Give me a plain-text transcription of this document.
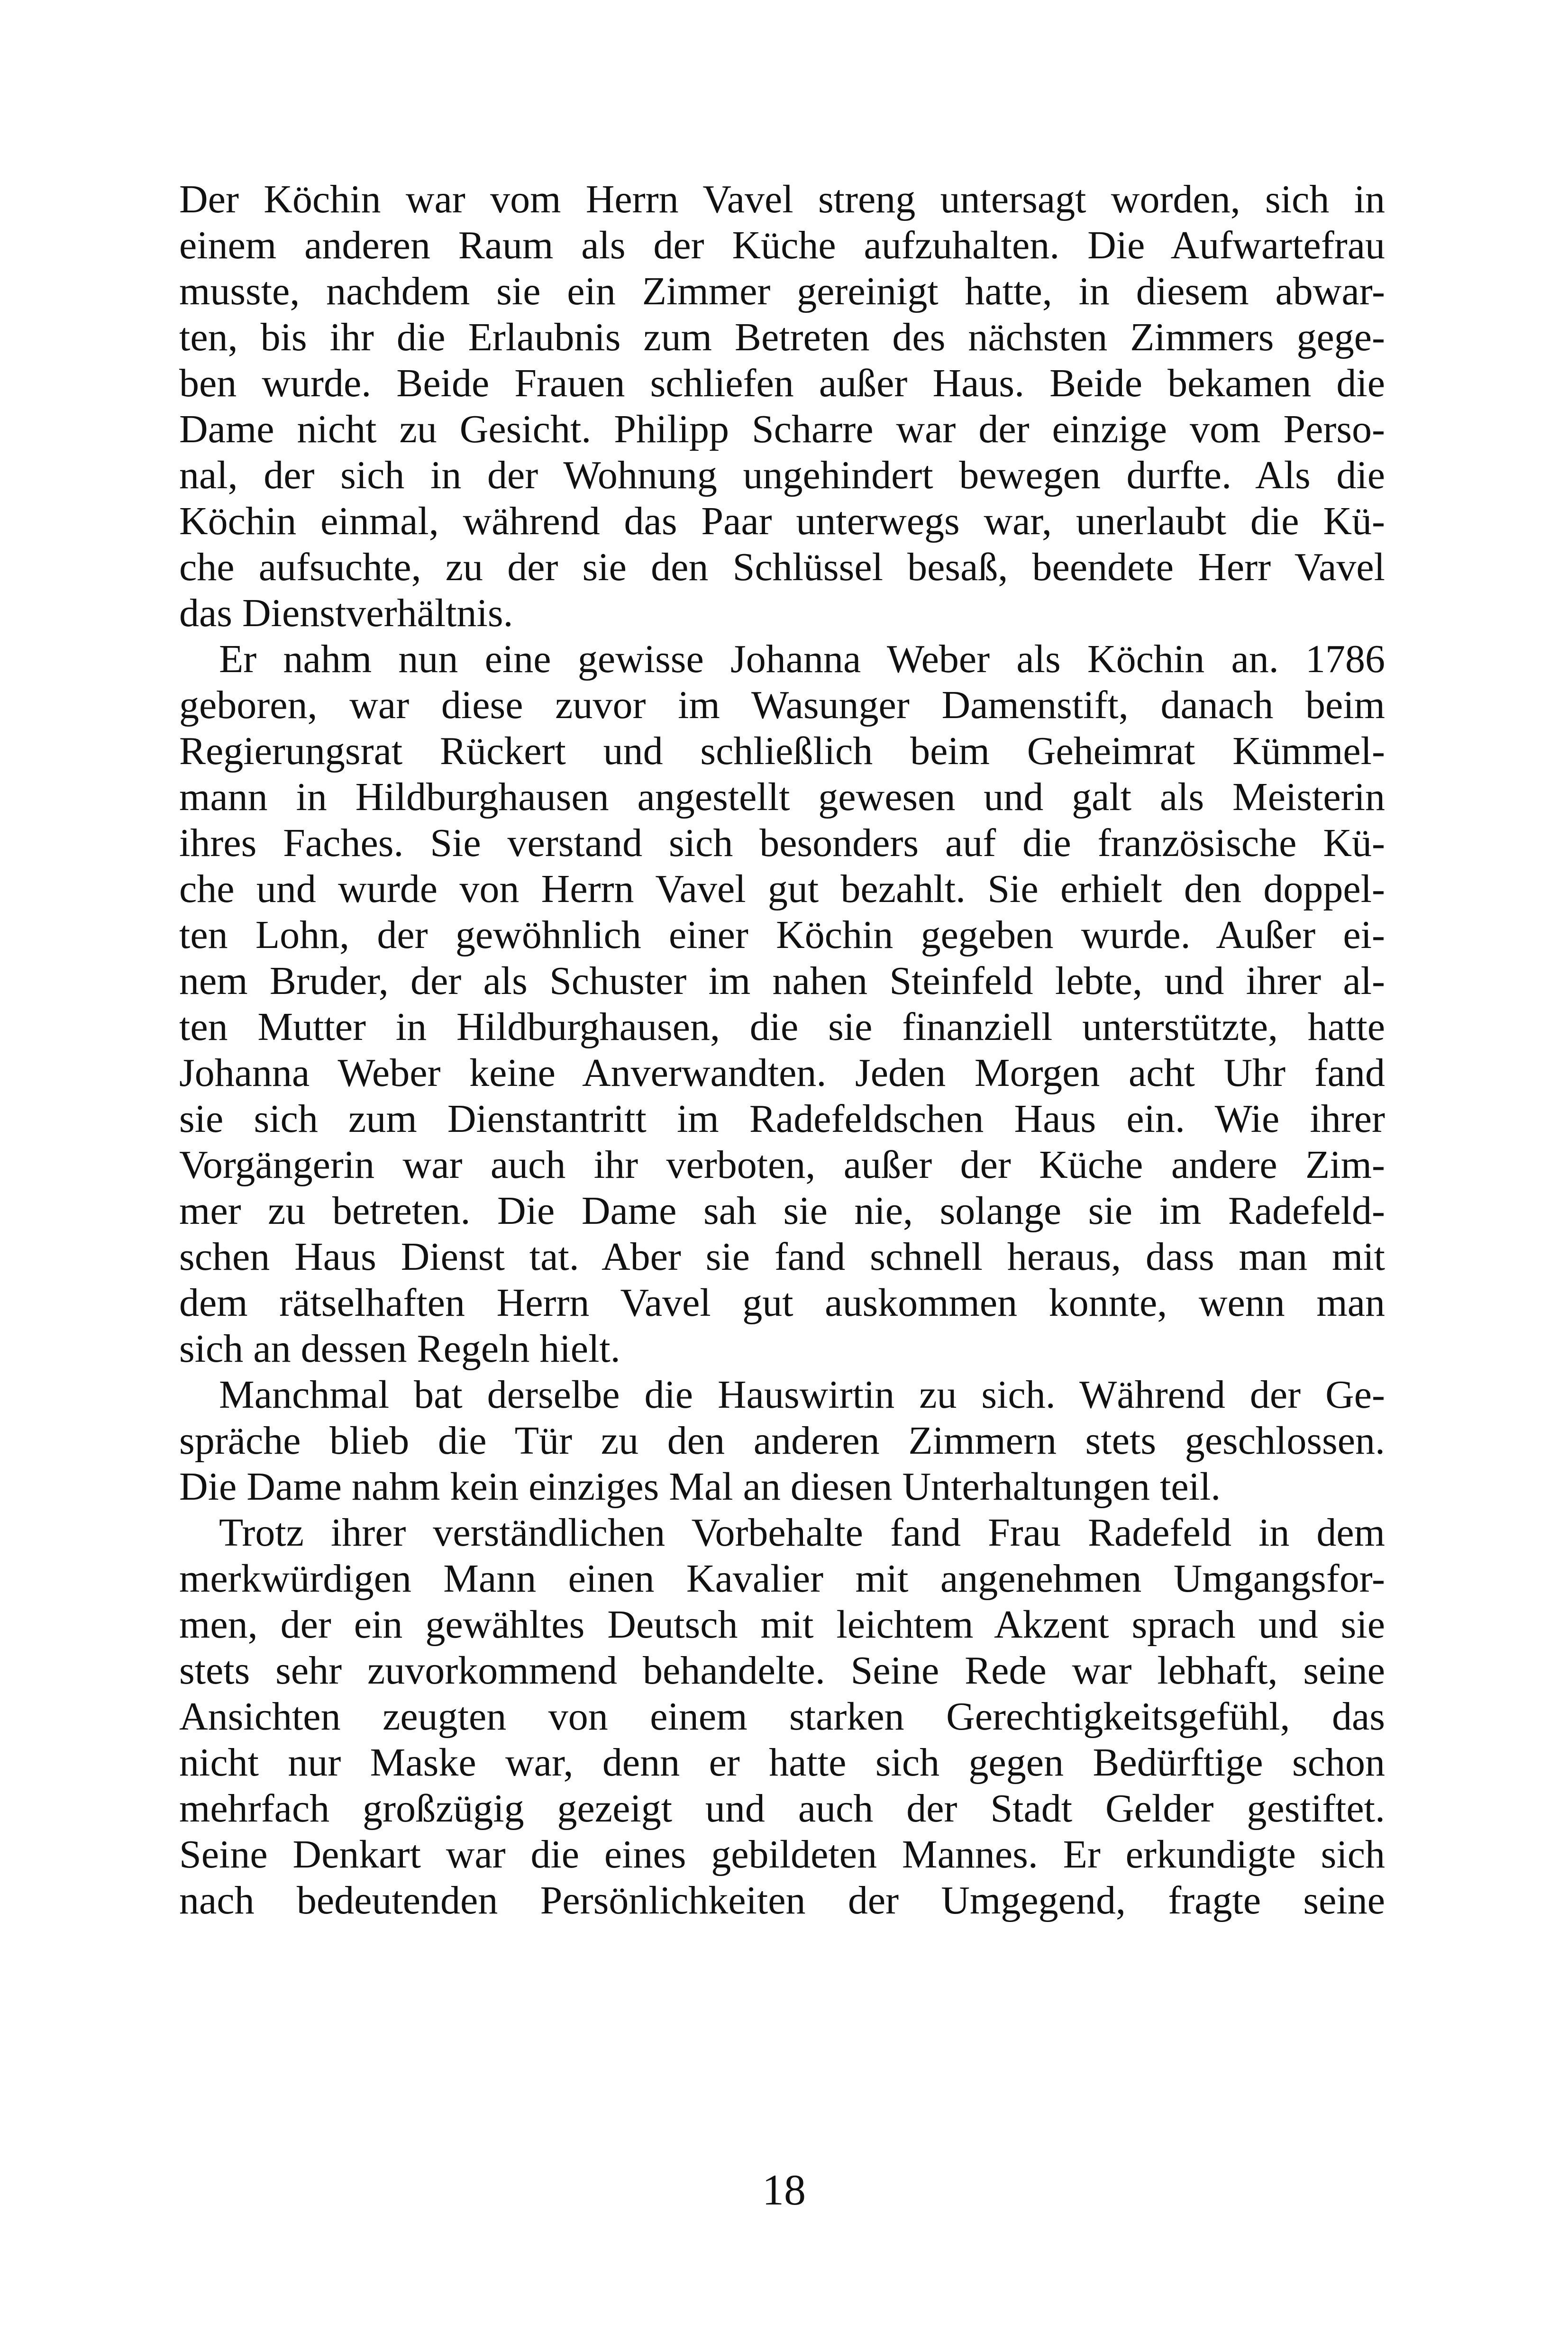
Der Köchin war vom Herrn Vavel streng untersagt worden, sich in
einem anderen Raum als der Küche aufzuhalten. Die Aufwartefrau
musste, nachdem sie ein Zimmer gereinigt hatte, in diesem abwar-
ten, bis ihr die Erlaubnis zum Betreten des nächsten Zimmers gege-
ben wurde. Beide Frauen schliefen außer Haus. Beide bekamen die
Dame nicht zu Gesicht. Philipp Scharre war der einzige vom Perso-
nal, der sich in der Wohnung ungehindert bewegen durfte. Als die
Köchin einmal, während das Paar unterwegs war, unerlaubt die Kü-
che aufsuchte, zu der sie den Schlüssel besaß, beendete Herr Vavel
das Dienstverhältnis.
Er nahm nun eine gewisse Johanna Weber als Köchin an. 1786
geboren, war diese zuvor im Wasunger Damenstift, danach beim
Regierungsrat Rückert und schließlich beim Geheimrat Kümmel-
mann in Hildburghausen angestellt gewesen und galt als Meisterin
ihres Faches. Sie verstand sich besonders auf die französische Kü-
che und wurde von Herrn Vavel gut bezahlt. Sie erhielt den doppel-
ten Lohn, der gewöhnlich einer Köchin gegeben wurde. Außer ei-
nem Bruder, der als Schuster im nahen Steinfeld lebte, und ihrer al-
ten Mutter in Hildburghausen, die sie finanziell unterstützte, hatte
Johanna Weber keine Anverwandten. Jeden Morgen acht Uhr fand
sie sich zum Dienstantritt im Radefeldschen Haus ein. Wie ihrer
Vorgängerin war auch ihr verboten, außer der Küche andere Zim-
mer zu betreten. Die Dame sah sie nie, solange sie im Radefeld-
schen Haus Dienst tat. Aber sie fand schnell heraus, dass man mit
dem rätselhaften Herrn Vavel gut auskommen konnte, wenn man
sich an dessen Regeln hielt.
Manchmal bat derselbe die Hauswirtin zu sich. Während der Ge-
spräche blieb die Tür zu den anderen Zimmern stets geschlossen.
Die Dame nahm kein einziges Mal an diesen Unterhaltungen teil.
Trotz ihrer verständlichen Vorbehalte fand Frau Radefeld in dem
merkwürdigen Mann einen Kavalier mit angenehmen Umgangsfor-
men, der ein gewähltes Deutsch mit leichtem Akzent sprach und sie
stets sehr zuvorkommend behandelte. Seine Rede war lebhaft, seine
Ansichten zeugten von einem starken Gerechtigkeitsgefühl, das
nicht nur Maske war, denn er hatte sich gegen Bedürftige schon
mehrfach großzügig gezeigt und auch der Stadt Gelder gestiftet.
Seine Denkart war die eines gebildeten Mannes. Er erkundigte sich
nach bedeutenden Persönlichkeiten der Umgegend, fragte seine
18
